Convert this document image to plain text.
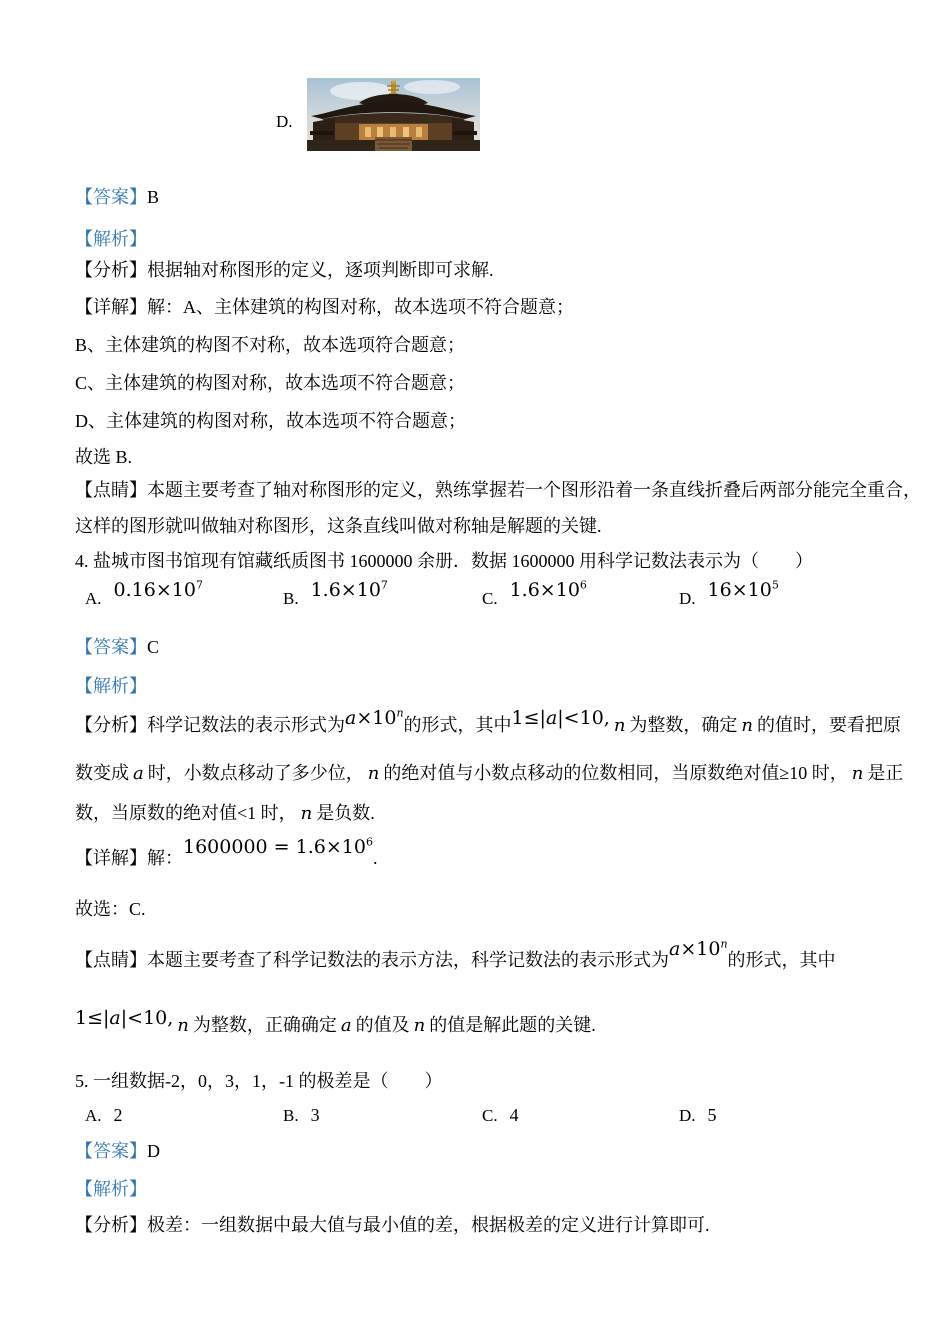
D.
【答案】B
【解析】
【分析】根据轴对称图形的定义，逐项判断即可求解.
【详解】解：A、主体建筑的构图对称，故本选项不符合题意；
B、主体建筑的构图不对称，故本选项符合题意；
C、主体建筑的构图对称，故本选项不符合题意；
D、主体建筑的构图对称，故本选项不符合题意；
故选 B.
【点睛】本题主要考查了轴对称图形的定义，熟练掌握若一个图形沿着一条直线折叠后两部分能完全重合，
这样的图形就叫做轴对称图形，这条直线叫做对称轴是解题的关键.
4. 盐城市图书馆现有馆藏纸质图书 1600000 余册．数据 1600000 用科学记数法表示为（　　）
A. $0.16\times 10^7$
B. $1.6\times 10^7$
C. $1.6\times 10^6$
D. $16\times 10^5$
【答案】C
【解析】
【分析】科学记数法的表示形式为$a\times 10^n$的形式，其中1≤|a|<10, n 为整数，确定 n 的值时，要看把原
数变成 a 时，小数点移动了多少位， n 的绝对值与小数点移动的位数相同，当原数绝对值≥10 时， n 是正
数，当原数的绝对值<1 时， n 是负数.
【详解】解：$1600000 = 1.6\times 10^6$.
故选：C.
【点睛】本题主要考查了科学记数法的表示方法，科学记数法的表示形式为$a\times 10^n$的形式，其中
1≤|a|<10, n 为整数，正确确定 a 的值及 n 的值是解此题的关键.
5. 一组数据-2，0，3，1，-1 的极差是（　　）
A. 2	B. 3	C. 4	D. 5
【答案】D
【解析】
【分析】极差：一组数据中最大值与最小值的差，根据极差的定义进行计算即可.
